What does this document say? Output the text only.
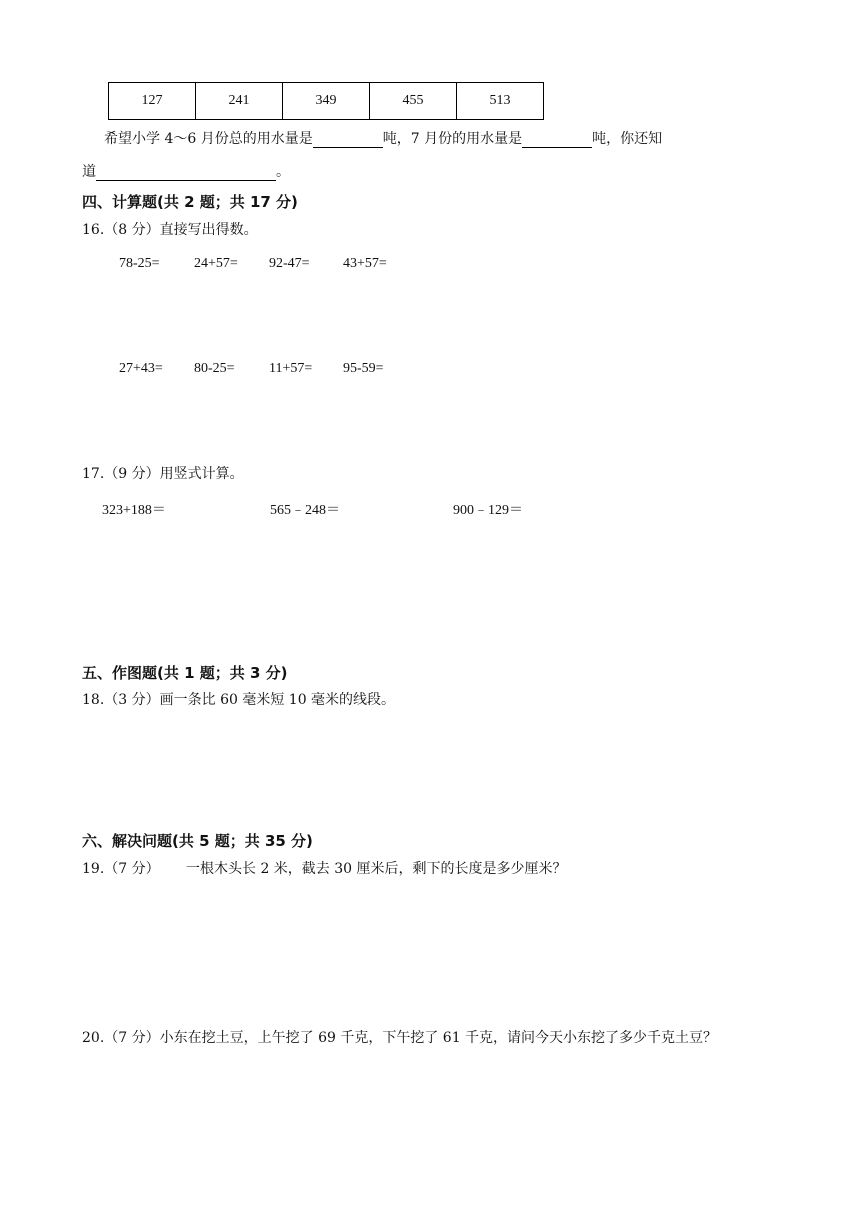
127	241	349	455	513
希望小学 4～6 月份总的用水量是	吨，7 月份的用水量是	吨，你还知
道	。
四、计算题(共 2 题；共 17 分)
16.（8 分）直接写出得数。
78-25= 24+57= 92-47= 43+57=
27+43= 80-25= 11+57= 95-59=
17.（9 分）用竖式计算。
323+188＝	565﹣248＝	900﹣129＝
五、作图题(共 1 题；共 3 分)
18.（3 分）画一条比 60 毫米短 10 毫米的线段。
六、解决问题(共 5 题；共 35 分)
19.（7 分） 一根木头长 2 米，截去 30 厘米后，剩下的长度是多少厘米？
20.（7 分）小东在挖土豆，上午挖了 69 千克，下午挖了 61 千克，请问今天小东挖了多少千克土豆？
